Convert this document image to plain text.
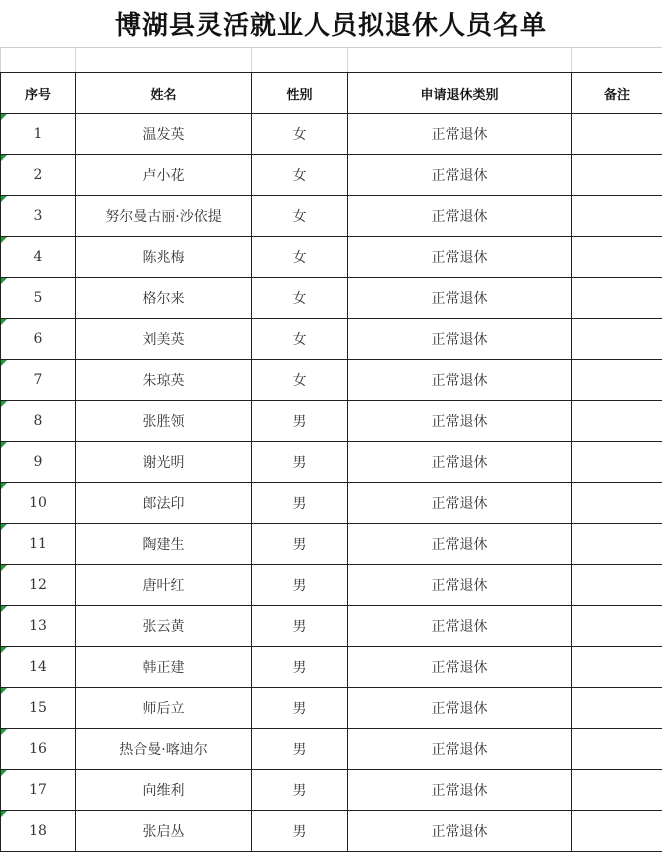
博湖县灵活就业人员拟退休人员名单

序号	姓名	性别	申请退休类别	备注

1	温发英	女	正常退休	

2	卢小花	女	正常退休	

3	努尔曼古丽·沙依提	女	正常退休	

4	陈兆梅	女	正常退休	

5	格尔来	女	正常退休	

6	刘美英	女	正常退休	

7	朱琼英	女	正常退休	

8	张胜领	男	正常退休	

9	谢光明	男	正常退休	

10	郎法印	男	正常退休	

11	陶建生	男	正常退休	

12	唐叶红	男	正常退休	

13	张云黄	男	正常退休	

14	韩正建	男	正常退休	

15	师后立	男	正常退休	

16	热合曼·喀迪尔	男	正常退休	

17	向维利	男	正常退休	

18	张启丛	男	正常退休	
